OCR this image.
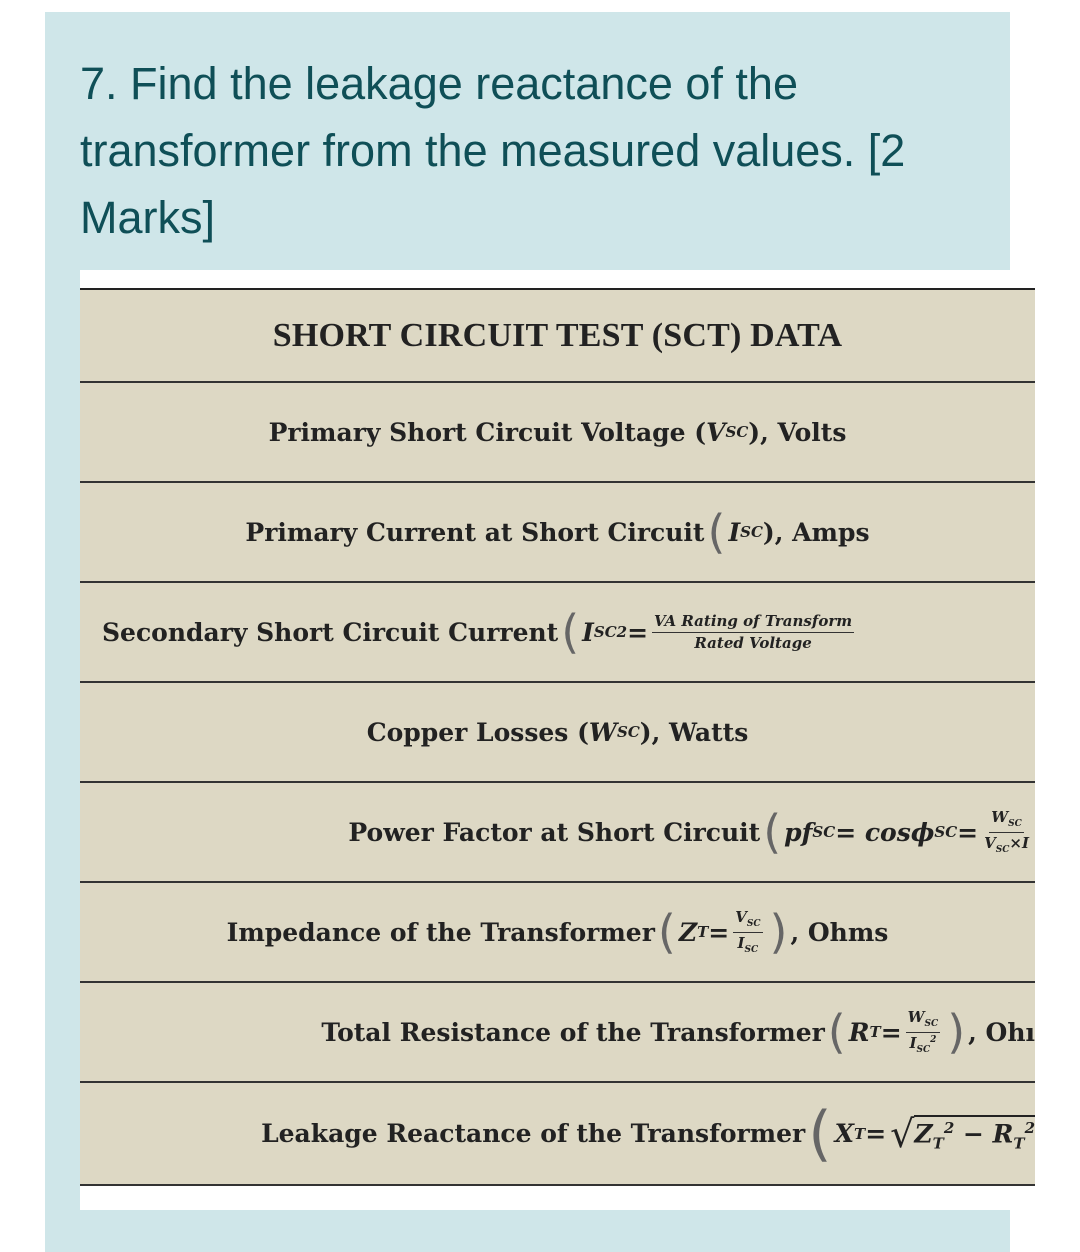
7. Find the leakage reactance of the transformer from the measured values. [2 Marks]

SHORT CIRCUIT TEST (SCT) DATA
Primary Short Circuit Voltage ( V SC ), Volts
Primary Current at Short Circuit ( I SC ), Amps
Secondary Short Circuit Current ( I $SC2 = \frac{\text{VA Rating of Transform}}{\text{Rated Voltage}}$
Copper Losses ( W SC ), Watts
Power Factor at Short Circuit ( pf SC = cos ϕ SC = $\frac{W_{SC}}{V_{SC}\times I}$
Impedance of the Transformer ( Z $T = \frac{V_{SC}}{I_{SC}}$ ) , Ohms
Total Resistance of the Transformer ( R $T = \frac{W_{SC}}{I_{SC}^2}$ ) , Ohı
Leakage Reactance of the Transformer ( X T = √ $Z_T^2 - R_T^2$
